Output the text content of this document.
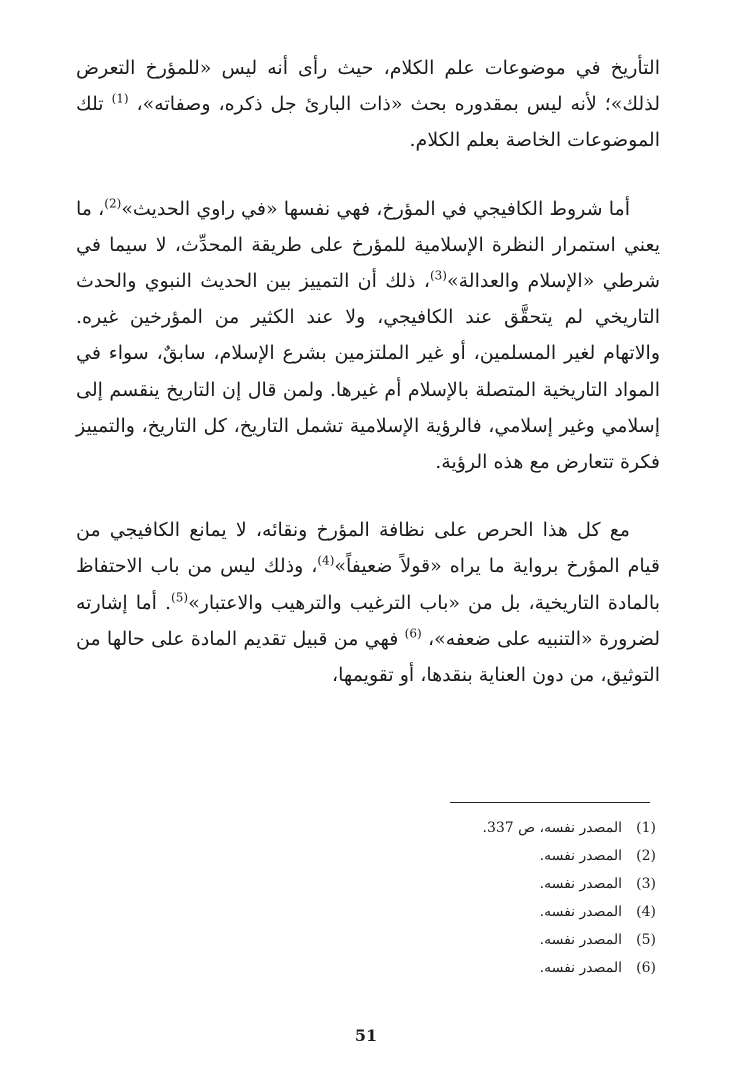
التأريخ في موضوعات علم الكلام، حيث رأى أنه ليس «للمؤرخ التعرض لذلك»؛ لأنه ليس بمقدوره بحث «ذات البارئ جل ذكره، وصفاته»، $^{(1)}$ تلك الموضوعات الخاصة بعلم الكلام.

أما شروط الكافيجي في المؤرخ، فهي نفسها «في راوي الحديث»$^{(2)}$، ما يعني استمرار النظرة الإسلامية للمؤرخ على طريقة المحدِّث، لا سيما في شرطي «الإسلام والعدالة»$^{(3)}$، ذلك أن التمييز بين الحديث النبوي والحدث التاريخي لم يتحقَّق عند الكافيجي، ولا عند الكثير من المؤرخين غيره. والاتهام لغير المسلمين، أو غير الملتزمين بشرع الإسلام، سابقٌ، سواء في المواد التاريخية المتصلة بالإسلام أم غيرها. ولمن قال إن التاريخ ينقسم إلى إسلامي وغير إسلامي، فالرؤية الإسلامية تشمل التاريخ، كل التاريخ، والتمييز فكرة تتعارض مع هذه الرؤية.

مع كل هذا الحرص على نظافة المؤرخ ونقائه، لا يمانع الكافيجي من قيام المؤرخ برواية ما يراه «قولاً ضعيفاً»$^{(4)}$، وذلك ليس من باب الاحتفاظ بالمادة التاريخية، بل من «باب الترغيب والترهيب والاعتبار»$^{(5)}$. أما إشارته لضرورة «التنبيه على ضعفه»، $^{(6)}$ فهي من قبيل تقديم المادة على حالها من التوثيق، من دون العناية بنقدها، أو تقويمها،

(1)
المصدر نفسه، ص 337.
(2)
المصدر نفسه.
(3)
المصدر نفسه.
(4)
المصدر نفسه.
(5)
المصدر نفسه.
(6)
المصدر نفسه.
51
